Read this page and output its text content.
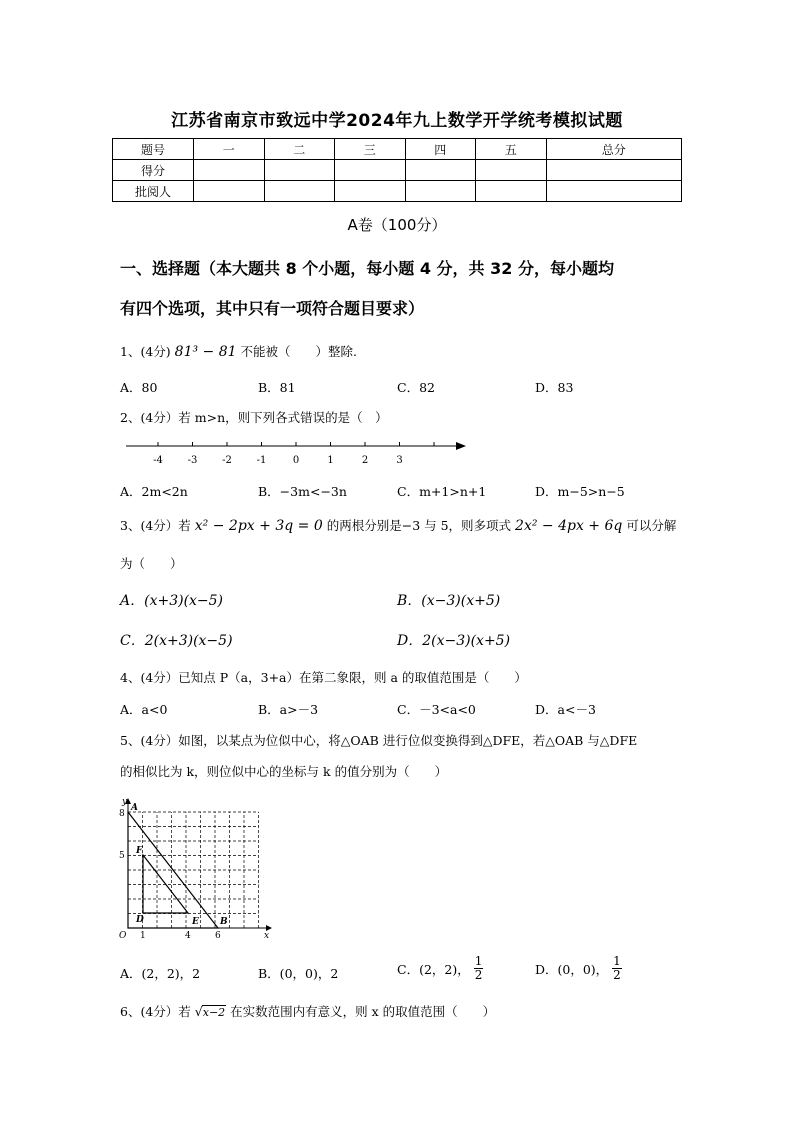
江苏省南京市致远中学2024年九上数学开学统考模拟试题
题号	一	二	三	四	五	总分
得分						
批阅人						
A卷（100分）
一、选择题（本大题共 8 个小题，每小题 4 分，共 32 分，每小题均
有四个选项，其中只有一项符合题目要求）
1、(4分) 81³ − 81 不能被（　　）整除.
A．80	B．81	C．82	D．83
2、(4分）若 m>n，则下列各式错误的是（　）
-4 -3 -2 -1	0	1	2	3
A．2m<2n	B．−3m<−3n	C．m+1>n+1	D．m−5>n−5
3、(4分）若 x² − 2px + 3q = 0 的两根分别是−3 与 5，则多项式 2x² − 4px + 6q 可以分解
为（　　）
A．(x+3)(x−5)	B．(x−3)(x+5)
C．2(x+3)(x−5)	D．2(x−3)(x+5)
4、(4分）已知点 P（a，3+a）在第二象限，则 a 的取值范围是（　　）
A．a<0	B．a>－3	C．－3<a<0	D．a<－3
5、(4分）如图，以某点为位似中心，将△OAB 进行位似变换得到△DFE，若△OAB 与△DFE
的相似比为 k，则位似中心的坐标与 k 的值分别为（　　）
y
x
O
8
5
1	4	6
A
F
D	E B
A．(2，2)，2	B．(0，0)，2	C．(2，2)， $\frac{1}{2}$	D．(0，0)， $\frac{1}{2}$
6、(4分）若 √x−2 在实数范围内有意义，则 x 的取值范围（　　）
